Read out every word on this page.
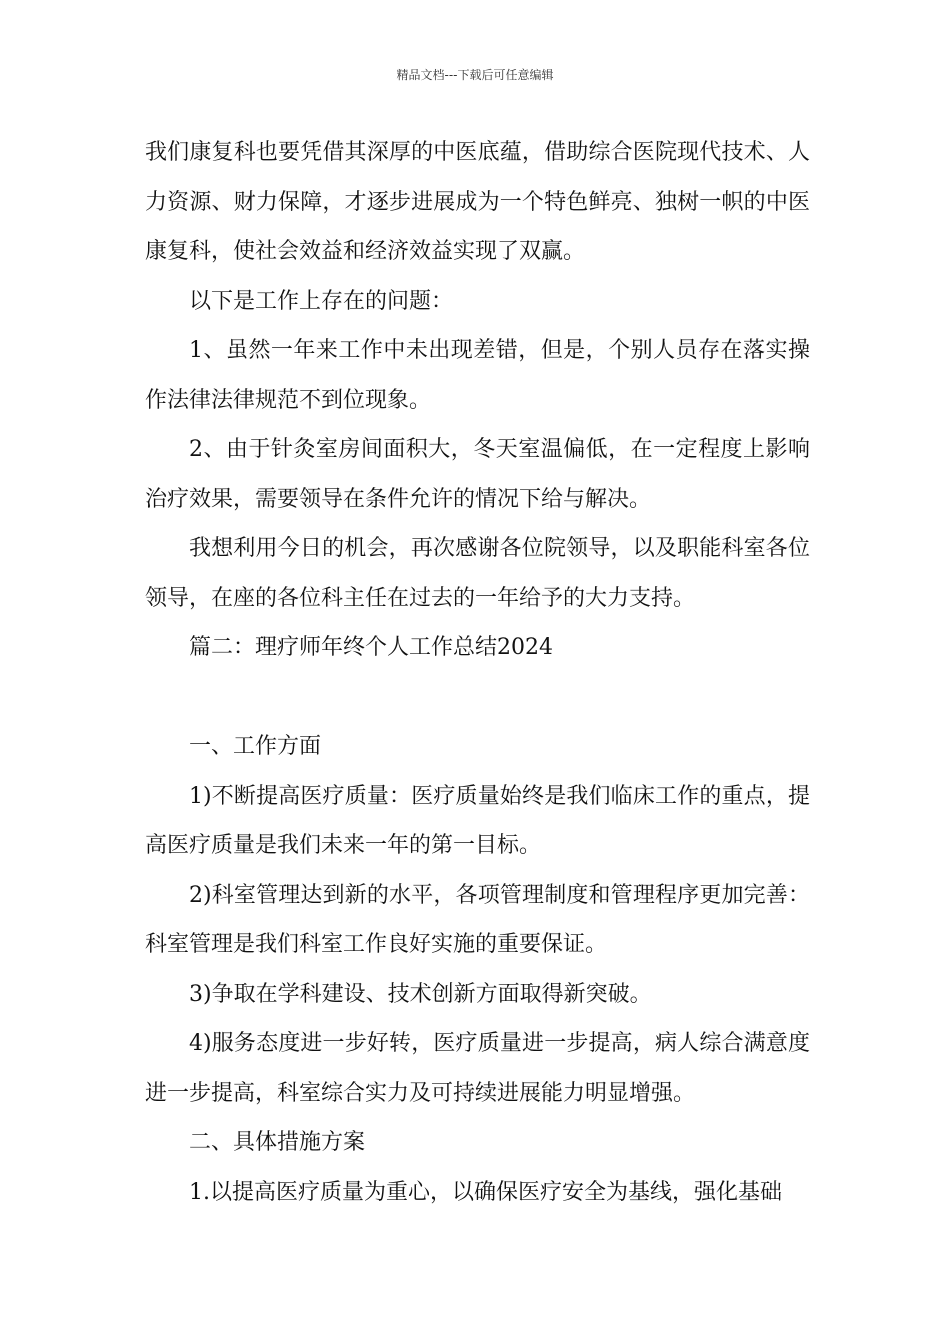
精品文档---下载后可任意编辑

我们康复科也要凭借其深厚的中医底蕴，借助综合医院现代技术、人力资源、财力保障，才逐步进展成为一个特色鲜亮、独树一帜的中医康复科，使社会效益和经济效益实现了双赢。

以下是工作上存在的问题：

1、虽然一年来工作中未出现差错，但是，个别人员存在落实操作法律法律规范不到位现象。

2、由于针灸室房间面积大，冬天室温偏低，在一定程度上影响治疗效果，需要领导在条件允许的情况下给与解决。

我想利用今日的机会，再次感谢各位院领导，以及职能科室各位领导，在座的各位科主任在过去的一年给予的大力支持。

篇二：理疗师年终个人工作总结2024

一、工作方面

1)不断提高医疗质量：医疗质量始终是我们临床工作的重点，提高医疗质量是我们未来一年的第一目标。

2)科室管理达到新的水平，各项管理制度和管理程序更加完善：科室管理是我们科室工作良好实施的重要保证。

3)争取在学科建设、技术创新方面取得新突破。

4)服务态度进一步好转，医疗质量进一步提高，病人综合满意度进一步提高，科室综合实力及可持续进展能力明显增强。

二、具体措施方案

1.以提高医疗质量为重心，以确保医疗安全为基线，强化基础
